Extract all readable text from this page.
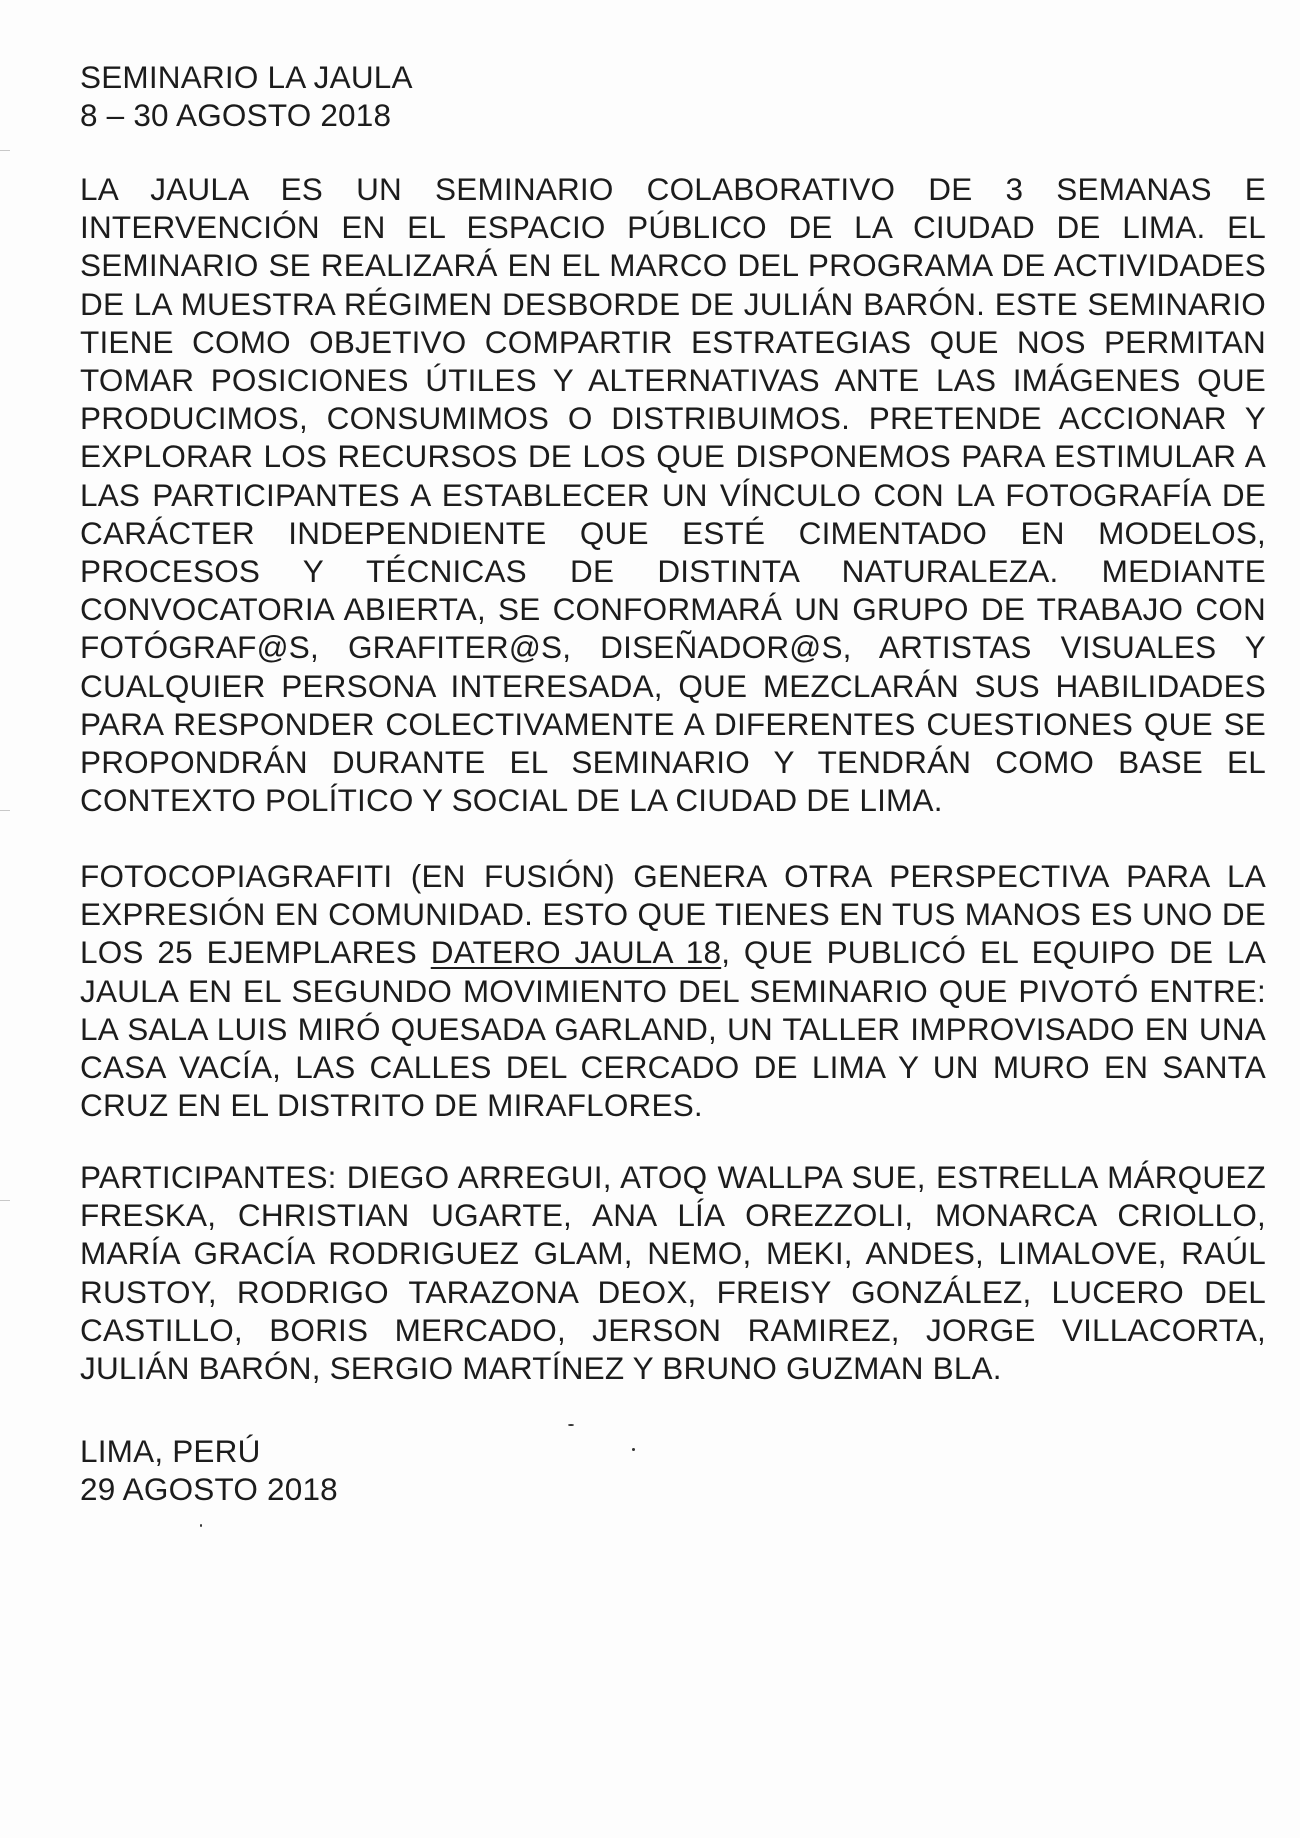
SEMINARIO LA JAULA
8 – 30 AGOSTO 2018

LA JAULA ES UN SEMINARIO COLABORATIVO DE 3 SEMANAS E INTERVENCIÓN EN EL ESPACIO PÚBLICO DE LA CIUDAD DE LIMA. EL SEMINARIO SE REALIZARÁ EN EL MARCO DEL PROGRAMA DE ACTIVIDADES DE LA MUESTRA RÉGIMEN DESBORDE DE JULIÁN BARÓN. ESTE SEMINARIO TIENE COMO OBJETIVO COMPARTIR ESTRATEGIAS QUE NOS PERMITAN TOMAR POSICIONES ÚTILES Y ALTERNATIVAS ANTE LAS IMÁGENES QUE PRODUCIMOS, CONSUMIMOS O DISTRIBUIMOS. PRETENDE ACCIONAR Y EXPLORAR LOS RECURSOS DE LOS QUE DISPONEMOS PARA ESTIMULAR A LAS PARTICIPANTES A ESTABLECER UN VÍNCULO CON LA FOTOGRAFÍA DE CARÁCTER INDEPENDIENTE QUE ESTÉ CIMENTADO EN MODELOS, PROCESOS Y TÉCNICAS DE DISTINTA NATURALEZA. MEDIANTE CONVOCATORIA ABIERTA, SE CONFORMARÁ UN GRUPO DE TRABAJO CON FOTÓGRAF@S, GRAFITER@S, DISEÑADOR@S, ARTISTAS VISUALES Y CUALQUIER PERSONA INTERESADA, QUE MEZCLARÁN SUS HABILIDADES PARA RESPONDER COLECTIVAMENTE A DIFERENTES CUESTIONES QUE SE PROPONDRÁN DURANTE EL SEMINARIO Y TENDRÁN COMO BASE EL CONTEXTO POLÍTICO Y SOCIAL DE LA CIUDAD DE LIMA.

FOTOCOPIAGRAFITI (EN FUSIÓN) GENERA OTRA PERSPECTIVA PARA LA EXPRESIÓN EN COMUNIDAD. ESTO QUE TIENES EN TUS MANOS ES UNO DE LOS 25 EJEMPLARES DATERO JAULA 18, QUE PUBLICÓ EL EQUIPO DE LA JAULA EN EL SEGUNDO MOVIMIENTO DEL SEMINARIO QUE PIVOTÓ ENTRE: LA SALA LUIS MIRÓ QUESADA GARLAND, UN TALLER IMPROVISADO EN UNA CASA VACÍA, LAS CALLES DEL CERCADO DE LIMA Y UN MURO EN SANTA CRUZ EN EL DISTRITO DE MIRAFLORES.

PARTICIPANTES: DIEGO ARREGUI, ATOQ WALLPA SUE, ESTRELLA MÁRQUEZ FRESKA, CHRISTIAN UGARTE, ANA LÍA OREZZOLI, MONARCA CRIOLLO, MARÍA GRACÍA RODRIGUEZ GLAM, NEMO, MEKI, ANDES, LIMALOVE, RAÚL RUSTOY, RODRIGO TARAZONA DEOX, FREISY GONZÁLEZ, LUCERO DEL CASTILLO, BORIS MERCADO, JERSON RAMIREZ, JORGE VILLACORTA, JULIÁN BARÓN, SERGIO MARTÍNEZ Y BRUNO GUZMAN BLA.

LIMA, PERÚ
29 AGOSTO 2018
